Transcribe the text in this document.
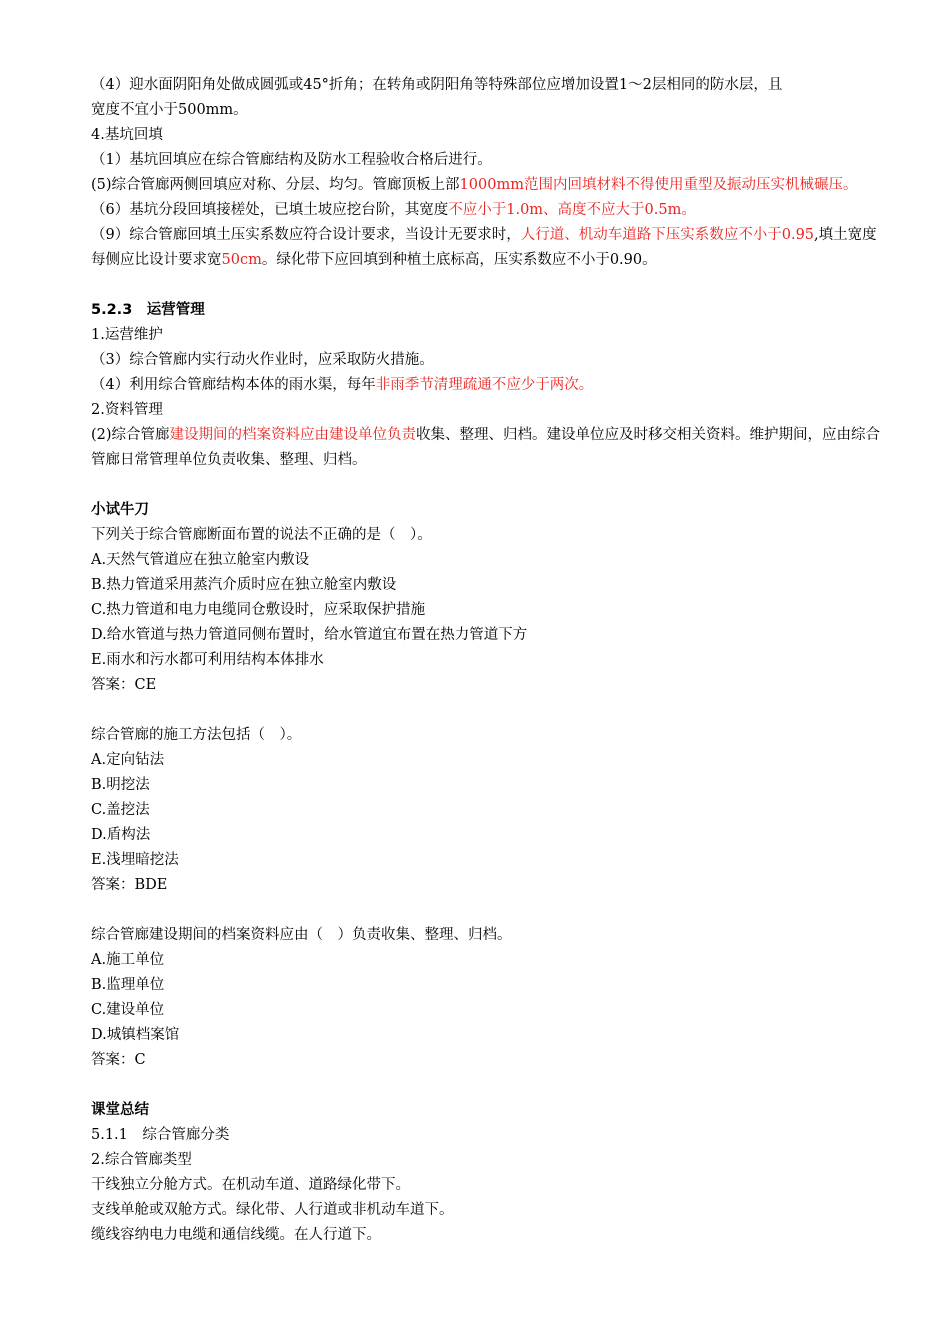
（4）迎水面阴阳角处做成圆弧或45°折角；在转角或阴阳角等特殊部位应增加设置1～2层相同的防水层，且
宽度不宜小于500mm。
4.基坑回填
（1）基坑回填应在综合管廊结构及防水工程验收合格后进行。
(5)综合管廊两侧回填应对称、分层、均匀。管廊顶板上部1000mm范围内回填材料不得使用重型及振动压实机械碾压。
（6）基坑分段回填接槎处，已填土坡应挖台阶，其宽度不应小于1.0m、高度不应大于0.5m。
（9）综合管廊回填土压实系数应符合设计要求，当设计无要求时，人行道、机动车道路下压实系数应不小于0.95,填土宽度每侧应比设计要求宽50cm。绿化带下应回填到种植土底标高，压实系数应不小于0.90。
5.2.3　运营管理
1.运营维护
（3）综合管廊内实行动火作业时，应采取防火措施。
（4）利用综合管廊结构本体的雨水渠，每年非雨季节清理疏通不应少于两次。
2.资料管理
(2)综合管廊建设期间的档案资料应由建设单位负责收集、整理、归档。建设单位应及时移交相关资料。维护期间，应由综合管廊日常管理单位负责收集、整理、归档。
小试牛刀
下列关于综合管廊断面布置的说法不正确的是（　）。
A.天然气管道应在独立舱室内敷设
B.热力管道采用蒸汽介质时应在独立舱室内敷设
C.热力管道和电力电缆同仓敷设时，应采取保护措施
D.给水管道与热力管道同侧布置时，给水管道宜布置在热力管道下方
E.雨水和污水都可利用结构本体排水
答案：CE
综合管廊的施工方法包括（　）。
A.定向钻法
B.明挖法
C.盖挖法
D.盾构法
E.浅埋暗挖法
答案：BDE
综合管廊建设期间的档案资料应由（　）负责收集、整理、归档。
A.施工单位
B.监理单位
C.建设单位
D.城镇档案馆
答案：C
课堂总结
5.1.1　综合管廊分类
2.综合管廊类型
干线独立分舱方式。在机动车道、道路绿化带下。
支线单舱或双舱方式。绿化带、人行道或非机动车道下。
缆线容纳电力电缆和通信线缆。在人行道下。
